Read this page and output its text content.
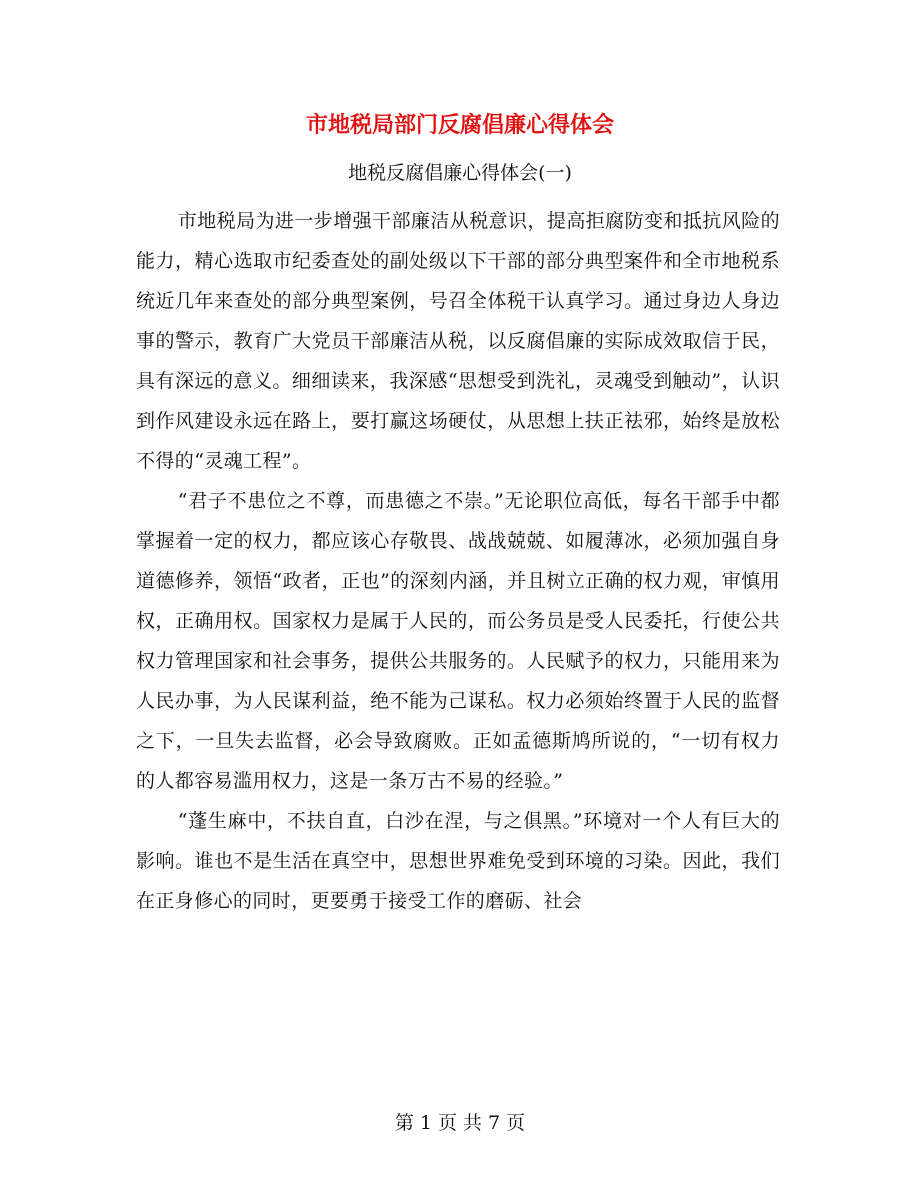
市地税局部门反腐倡廉心得体会
地税反腐倡廉心得体会(一)

市地税局为进一步增强干部廉洁从税意识，提高拒腐防变和抵抗风险的能力，精心选取市纪委查处的副处级以下干部的部分典型案件和全市地税系统近几年来查处的部分典型案例，号召全体税干认真学习。通过身边人身边事的警示，教育广大党员干部廉洁从税，以反腐倡廉的实际成效取信于民，具有深远的意义。细细读来，我深感“思想受到洗礼，灵魂受到触动”，认识到作风建设永远在路上，要打赢这场硬仗，从思想上扶正祛邪，始终是放松不得的“灵魂工程”。

“君子不患位之不尊，而患德之不崇。”无论职位高低，每名干部手中都掌握着一定的权力，都应该心存敬畏、战战兢兢、如履薄冰，必须加强自身道德修养，领悟“政者，正也”的深刻内涵，并且树立正确的权力观，审慎用权，正确用权。国家权力是属于人民的，而公务员是受人民委托，行使公共权力管理国家和社会事务，提供公共服务的。人民赋予的权力，只能用来为人民办事，为人民谋利益，绝不能为己谋私。权力必须始终置于人民的监督之下，一旦失去监督，必会导致腐败。正如孟德斯鸠所说的，“一切有权力的人都容易滥用权力，这是一条万古不易的经验。”

“蓬生麻中，不扶自直，白沙在涅，与之俱黑。”环境对一个人有巨大的影响。谁也不是生活在真空中，思想世界难免受到环境的习染。因此，我们在正身修心的同时，更要勇于接受工作的磨砺、社会

第 1 页 共 7 页
